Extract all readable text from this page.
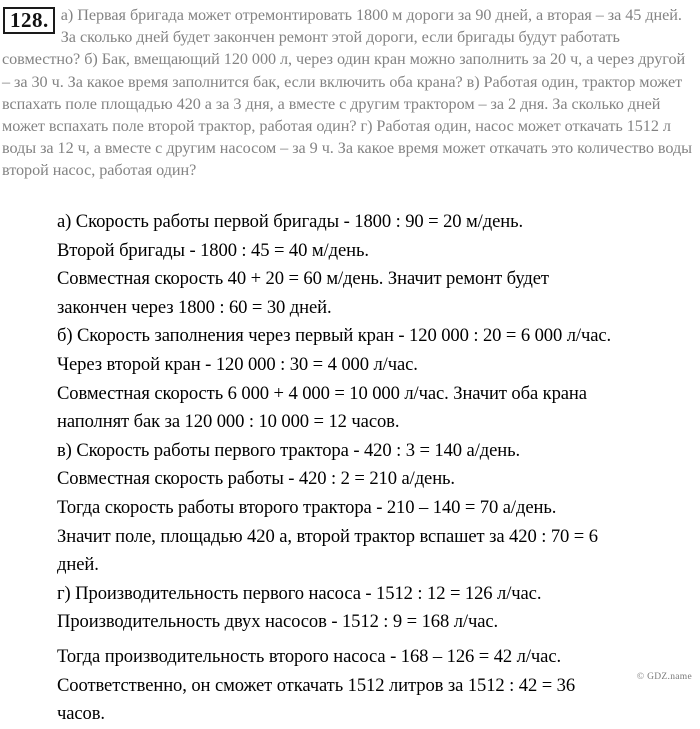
128. а) Первая бригада может отремонтировать 1800 м дороги за 90 дней, а вторая – за 45 дней. За сколько дней будет закончен ремонт этой дороги, если бригады будут работать совместно? б) Бак, вмещающий 120 000 л, через один кран можно заполнить за 20 ч, а через другой – за 30 ч. За какое время заполнится бак, если включить оба крана? в) Работая один, трактор может вспахать поле площадью 420 а за 3 дня, а вместе с другим трактором – за 2 дня. За сколько дней может вспахать поле второй трактор, работая один? г) Работая один, насос может откачать 1512 л воды за 12 ч, а вместе с другим насосом – за 9 ч. За какое время может откачать это количество воды второй насос, работая один?
а) Скорость работы первой бригады - 1800 : 90 = 20 м/день.
Второй бригады - 1800 : 45 = 40 м/день.
Совместная скорость 40 + 20 = 60 м/день. Значит ремонт будет
закончен через 1800 : 60 = 30 дней.
б) Скорость заполнения через первый кран - 120 000 : 20 = 6 000 л/час.
Через второй кран - 120 000 : 30 = 4 000 л/час.
Совместная скорость 6 000 + 4 000 = 10 000 л/час. Значит оба крана
наполнят бак за 120 000 : 10 000 = 12 часов.
в) Скорость работы первого трактора - 420 : 3 = 140 а/день.
Совместная скорость работы - 420 : 2 = 210 а/день.
Тогда скорость работы второго трактора - 210 – 140 = 70 а/день.
Значит поле, площадью 420 а, второй трактор вспашет за 420 : 70 = 6
дней.
г) Производительность первого насоса - 1512 : 12 = 126 л/час.
Производительность двух насосов - 1512 : 9 = 168 л/час.
Тогда производительность второго насоса - 168 – 126 = 42 л/час.
Соответственно, он сможет откачать 1512 литров за 1512 : 42 = 36
часов.
© GDZ.name
